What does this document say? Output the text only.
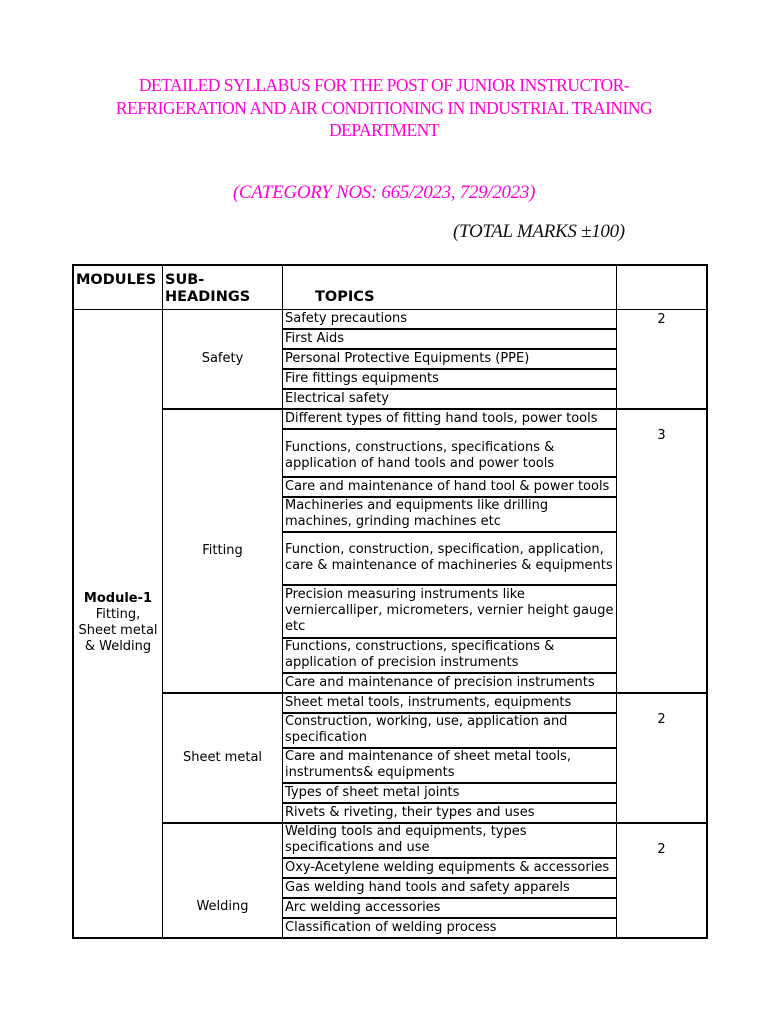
DETAILED SYLLABUS FOR THE POST OF JUNIOR INSTRUCTOR-
REFRIGERATION AND AIR CONDITIONING IN INDUSTRIAL TRAINING
DEPARTMENT
(CATEGORY NOS: 665/2023, 729/2023)
(TOTAL MARKS ±100)
MODULES	SUB- HEADINGS	TOPICS	

Module-1
Fitting, Sheet metal & Welding	Safety	Safety precautions	2
		First Aids	
		Personal Protective Equipments (PPE)	
		Fire fittings equipments	
		Electrical safety	
	Fitting	Different types of fitting hand tools, power tools	3
		Functions, constructions, specifications & application of hand tools and power tools	
		Care and maintenance of hand tool & power tools	
		Machineries and equipments like drilling machines, grinding machines etc	
		Function, construction, specification, application, care & maintenance of machineries & equipments	
		Precision measuring instruments like verniercalliper, micrometers, vernier height gauge etc	
		Functions, constructions, specifications & application of precision instruments	
		Care and maintenance of precision instruments	
	Sheet metal	Sheet metal tools, instruments, equipments	2
		Construction, working, use, application and specification	
		Care and maintenance of sheet metal tools, instruments& equipments	
		Types of sheet metal joints	
		Rivets & riveting, their types and uses	
	Welding	Welding tools and equipments, types specifications and use	2
		Oxy-Acetylene welding equipments & accessories	
		Gas welding hand tools and safety apparels	
		Arc welding accessories	
		Classification of welding process	
